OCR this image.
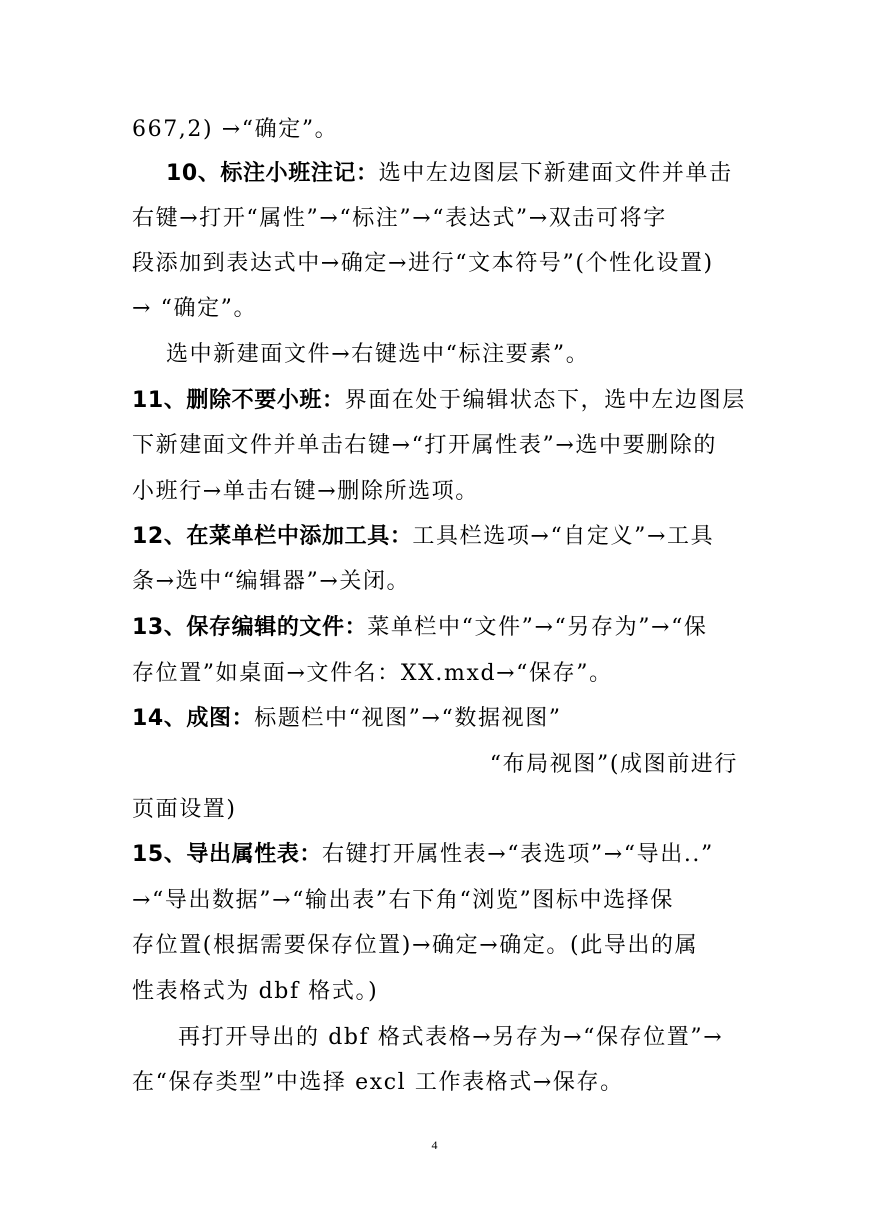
667,2) →“确定”。
10、标注小班注记：选中左边图层下新建面文件并单击
右键→打开“属性”→“标注”→“表达式”→双击可将字
段添加到表达式中→确定→进行“文本符号”(个性化设置)
→ “确定”。
选中新建面文件→右键选中“标注要素”。
11、删除不要小班：界面在处于编辑状态下，选中左边图层
下新建面文件并单击右键→“打开属性表”→选中要删除的
小班行→单击右键→删除所选项。
12、在菜单栏中添加工具：工具栏选项→“自定义”→工具
条→选中“编辑器”→关闭。
13、保存编辑的文件：菜单栏中“文件”→“另存为”→“保
存位置”如桌面→文件名：XX.mxd→“保存”。
14、成图：标题栏中“视图”→“数据视图”
“布局视图”(成图前进行
页面设置)
15、导出属性表：右键打开属性表→“表选项”→“导出..”
→“导出数据”→“输出表”右下角“浏览”图标中选择保
存位置(根据需要保存位置)→确定→确定。(此导出的属
性表格式为 dbf 格式。)
再打开导出的 dbf 格式表格→另存为→“保存位置”→
在“保存类型”中选择 excl 工作表格式→保存。
4
